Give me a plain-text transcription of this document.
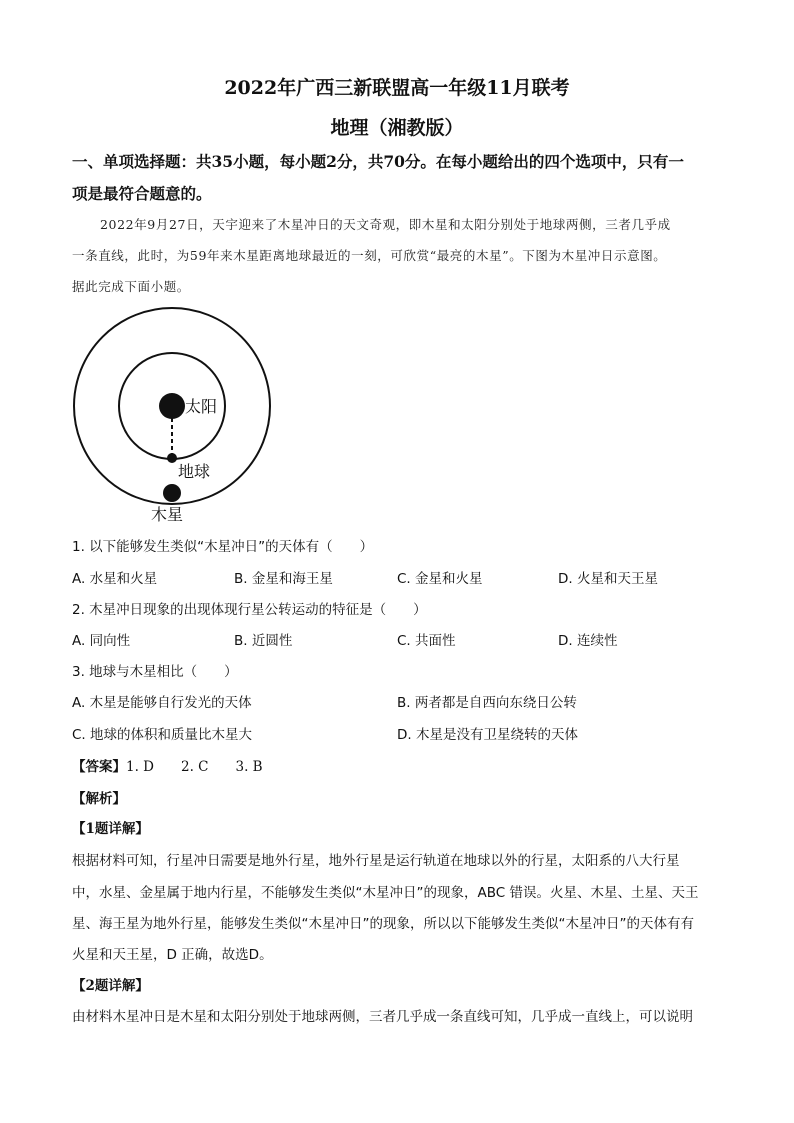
2022年广西三新联盟高一年级11月联考
地理（湘教版）
一、单项选择题：共35小题，每小题2分，共70分。在每小题给出的四个选项中，只有一
项是最符合题意的。
2022年9月27日，天宇迎来了木星冲日的天文奇观，即木星和太阳分别处于地球两侧，三者几乎成
一条直线，此时，为59年来木星距离地球最近的一刻，可欣赏“最亮的木星”。下图为木星冲日示意图。
据此完成下面小题。
太阳
地球
木星
1. 以下能够发生类似“木星冲日”的天体有（　　）
A. 水星和火星	B. 金星和海王星	C. 金星和火星	D. 火星和天王星
2. 木星冲日现象的出现体现行星公转运动的特征是（　　）
A. 同向性	B. 近圆性	C. 共面性	D. 连续性
3. 地球与木星相比（　　）
A. 木星是能够自行发光的天体	B. 两者都是自西向东绕日公转
C. 地球的体积和质量比木星大	D. 木星是没有卫星绕转的天体
【答案】1. D　　2. C　　3. B
【解析】
【1题详解】
根据材料可知，行星冲日需要是地外行星，地外行星是运行轨道在地球以外的行星，太阳系的八大行星
中，水星、金星属于地内行星，不能够发生类似“木星冲日”的现象，ABC 错误。火星、木星、土星、天王
星、海王星为地外行星，能够发生类似“木星冲日”的现象，所以以下能够发生类似“木星冲日”的天体有有
火星和天王星，D 正确，故选D。
【2题详解】
由材料木星冲日是木星和太阳分别处于地球两侧，三者几乎成一条直线可知，几乎成一直线上，可以说明
